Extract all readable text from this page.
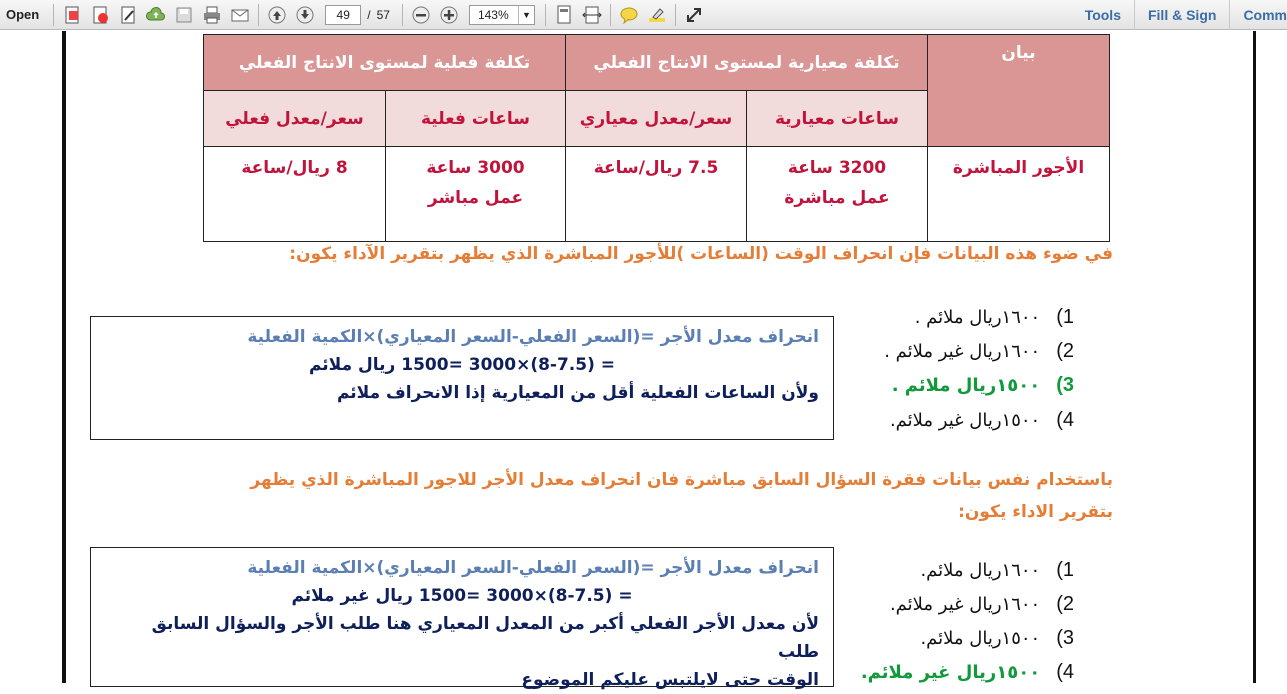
Open	49	/ 57	143%	▼	Tools	Fill & Sign	Comm
بيان	تكلفة معيارية لمستوى الانتاج الفعلي		تكلفة فعلية لمستوى الانتاج الفعلي	
	ساعات معيارية	سعر/معدل معياري	ساعات فعلية	سعر/معدل فعلي
الأجور المباشرة	3200 ساعة عمل مباشرة	7.5 ريال/ساعة	3000 ساعة عمل مباشر	8 ريال/ساعة
في ضوء هذه البيانات فإن انحراف الوقت (الساعات )للأجور المباشرة الذي يظهر بتقرير الآداء يكون:
1)
١٦٠٠ريال ملائم .
2)
١٦٠٠ريال غير ملائم .
3)
١٥٠٠ريال ملائم .
4)
١٥٠٠ريال غير ملائم.
انحراف معدل الأجر =(السعر الفعلي-السعر المعياري)×الكمية الفعلية
= (8-7.5)×3000 =1500 ريال ملائم
ولأن الساعات الفعلية أقل من المعيارية إذا الانحراف ملائم
باستخدام نفس بيانات فقرة السؤال السابق مباشرة فان انحراف معدل الأجر للاجور المباشرة الذي يظهر
بتقرير الاداء يكون:
1)
١٦٠٠ريال ملائم.
2)
١٦٠٠ريال غير ملائم.
3)
١٥٠٠ريال ملائم.
4)
١٥٠٠ريال غير ملائم.
انحراف معدل الأجر =(السعر الفعلي-السعر المعياري)×الكمية الفعلية
= (8-7.5)×3000 =1500 ريال غير ملائم
لأن معدل الأجر الفعلي أكبر من المعدل المعياري هنا طلب الأجر والسؤال السابق طلب
الوقت حتى لايلتبس عليكم الموضوع
